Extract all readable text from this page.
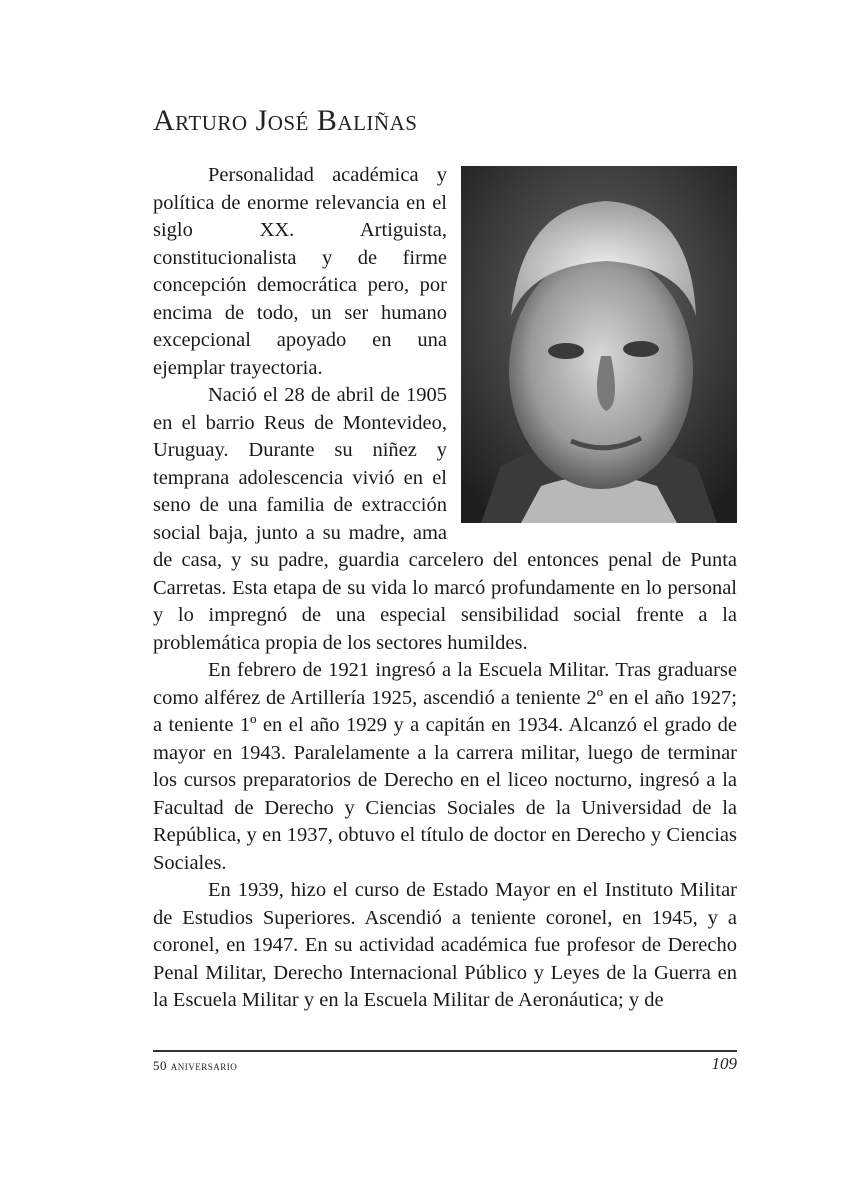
Arturo José Baliñas

Personalidad académica y política de enorme relevancia en el siglo XX. Artiguista, constitucionalista y de firme concepción democrática pero, por encima de todo, un ser humano excepcional apoyado en una ejemplar trayectoria.

Nació el 28 de abril de 1905 en el barrio Reus de Montevideo, Uruguay. Durante su niñez y temprana adolescencia vivió en el seno de una familia de extracción social baja, junto a su madre, ama de casa, y su padre, guardia carcelero del entonces penal de Punta Carretas. Esta etapa de su vida lo marcó profundamente en lo personal y lo impregnó de una especial sensibilidad social frente a la problemática propia de los sectores humildes.

En febrero de 1921 ingresó a la Escuela Militar. Tras graduarse como alférez de Artillería 1925, ascendió a teniente 2º en el año 1927; a teniente 1º en el año 1929 y a capitán en 1934. Alcanzó el grado de mayor en 1943. Paralelamente a la carrera militar, luego de terminar los cursos preparatorios de Derecho en el liceo nocturno, ingresó a la Facultad de Derecho y Ciencias Sociales de la Universidad de la República, y en 1937, obtuvo el título de doctor en Derecho y Ciencias Sociales.

En 1939, hizo el curso de Estado Mayor en el Instituto Militar de Estudios Superiores. Ascendió a teniente coronel, en 1945, y a coronel, en 1947. En su actividad académica fue profesor de Derecho Penal Militar, Derecho Internacional Público y Leyes de la Guerra en la Escuela Militar y en la Escuela Militar de Aeronáutica; y de

50 aniversario	109
